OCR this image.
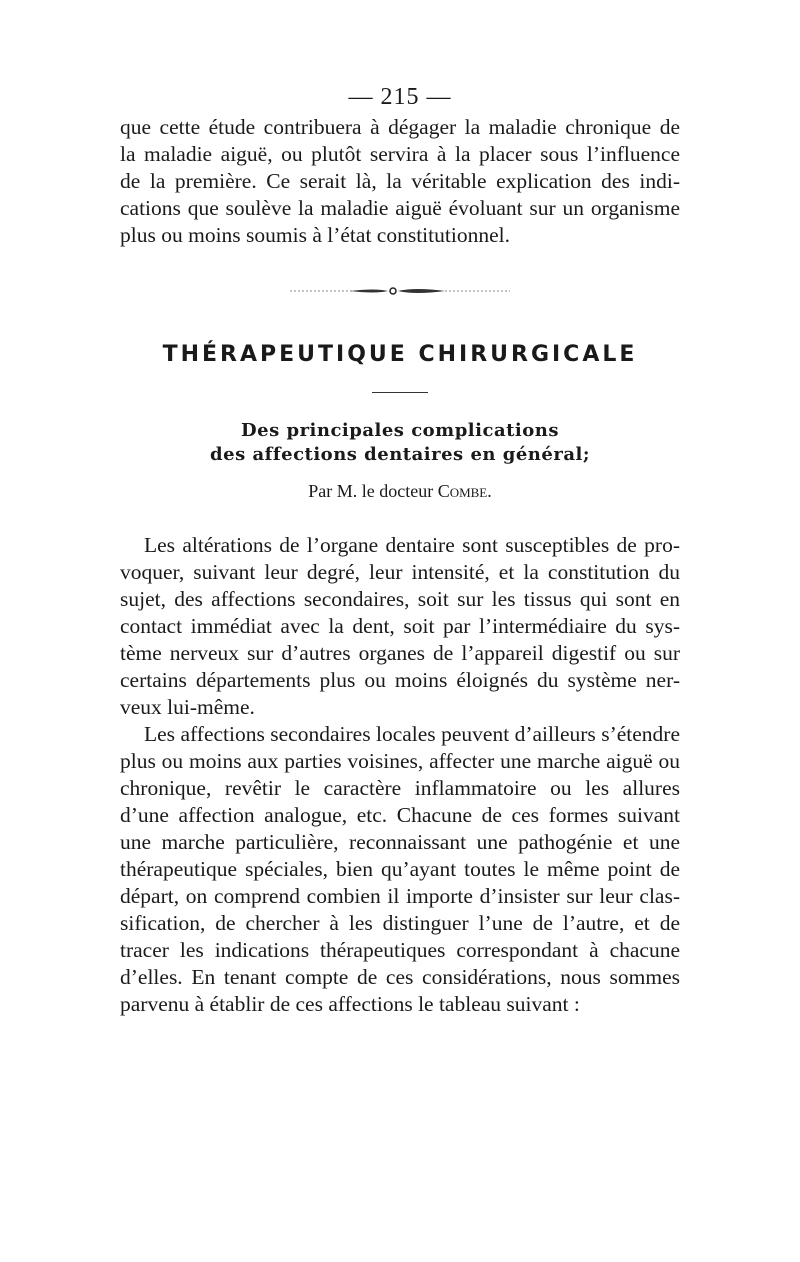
— 215 —
que cette étude contribuera à dégager la maladie chronique de
la maladie aiguë, ou plutôt servira à la placer sous l’influence
de la première. Ce serait là, la véritable explication des indi-
cations que soulève la maladie aiguë évoluant sur un organisme
plus ou moins soumis à l’état constitutionnel.
THÉRAPEUTIQUE CHIRURGICALE
Des principales complications
des affections dentaires en général;
Par M. le docteur Combe.
Les altérations de l’organe dentaire sont susceptibles de pro-
voquer, suivant leur degré, leur intensité, et la constitution du
sujet, des affections secondaires, soit sur les tissus qui sont en
contact immédiat avec la dent, soit par l’intermédiaire du sys-
tème nerveux sur d’autres organes de l’appareil digestif ou sur
certains départements plus ou moins éloignés du système ner-
veux lui-même.
Les affections secondaires locales peuvent d’ailleurs s’étendre
plus ou moins aux parties voisines, affecter une marche aiguë ou
chronique, revêtir le caractère inflammatoire ou les allures
d’une affection analogue, etc. Chacune de ces formes suivant
une marche particulière, reconnaissant une pathogénie et une
thérapeutique spéciales, bien qu’ayant toutes le même point de
départ, on comprend combien il importe d’insister sur leur clas-
sification, de chercher à les distinguer l’une de l’autre, et de
tracer les indications thérapeutiques correspondant à chacune
d’elles. En tenant compte de ces considérations, nous sommes
parvenu à établir de ces affections le tableau suivant :
